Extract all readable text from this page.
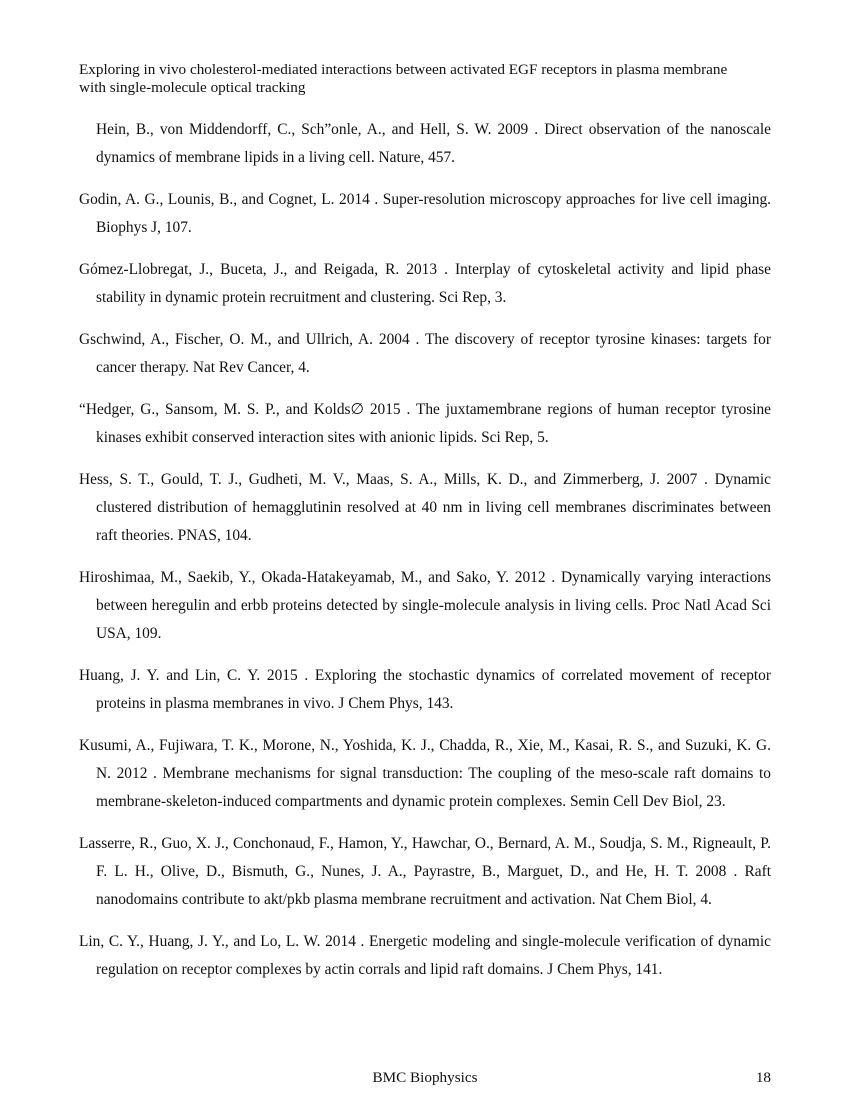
Exploring in vivo cholesterol-mediated interactions between activated EGF receptors in plasma membrane with single-molecule optical tracking
Hein, B., von Middendorff, C., Sch”onle, A., and Hell, S. W. 2009 . Direct observation of the nanoscale dynamics of membrane lipids in a living cell. Nature, 457.
Godin, A. G., Lounis, B., and Cognet, L. 2014 . Super-resolution microscopy approaches for live cell imaging. Biophys J, 107.
Gómez-Llobregat, J., Buceta, J., and Reigada, R. 2013 . Interplay of cytoskeletal activity and lipid phase stability in dynamic protein recruitment and clustering. Sci Rep, 3.
Gschwind, A., Fischer, O. M., and Ullrich, A. 2004 . The discovery of receptor tyrosine kinases: targets for cancer therapy. Nat Rev Cancer, 4.
“Hedger, G., Sansom, M. S. P., and Kolds∅ 2015 . The juxtamembrane regions of human receptor tyrosine kinases exhibit conserved interaction sites with anionic lipids. Sci Rep, 5.
Hess, S. T., Gould, T. J., Gudheti, M. V., Maas, S. A., Mills, K. D., and Zimmerberg, J. 2007 . Dynamic clustered distribution of hemagglutinin resolved at 40 nm in living cell membranes discriminates between raft theories. PNAS, 104.
Hiroshimaa, M., Saekib, Y., Okada-Hatakeyamab, M., and Sako, Y. 2012 . Dynamically varying interactions between heregulin and erbb proteins detected by single-molecule analysis in living cells. Proc Natl Acad Sci USA, 109.
Huang, J. Y. and Lin, C. Y. 2015 . Exploring the stochastic dynamics of correlated movement of receptor proteins in plasma membranes in vivo. J Chem Phys, 143.
Kusumi, A., Fujiwara, T. K., Morone, N., Yoshida, K. J., Chadda, R., Xie, M., Kasai, R. S., and Suzuki, K. G. N. 2012 . Membrane mechanisms for signal transduction: The coupling of the meso-scale raft domains to membrane-skeleton-induced compartments and dynamic protein complexes. Semin Cell Dev Biol, 23.
Lasserre, R., Guo, X. J., Conchonaud, F., Hamon, Y., Hawchar, O., Bernard, A. M., Soudja, S. M., Rigneault, P. F. L. H., Olive, D., Bismuth, G., Nunes, J. A., Payrastre, B., Marguet, D., and He, H. T. 2008 . Raft nanodomains contribute to akt/pkb plasma membrane recruitment and activation. Nat Chem Biol, 4.
Lin, C. Y., Huang, J. Y., and Lo, L. W. 2014 . Energetic modeling and single-molecule verification of dynamic regulation on receptor complexes by actin corrals and lipid raft domains. J Chem Phys, 141.
BMC Biophysics	18
